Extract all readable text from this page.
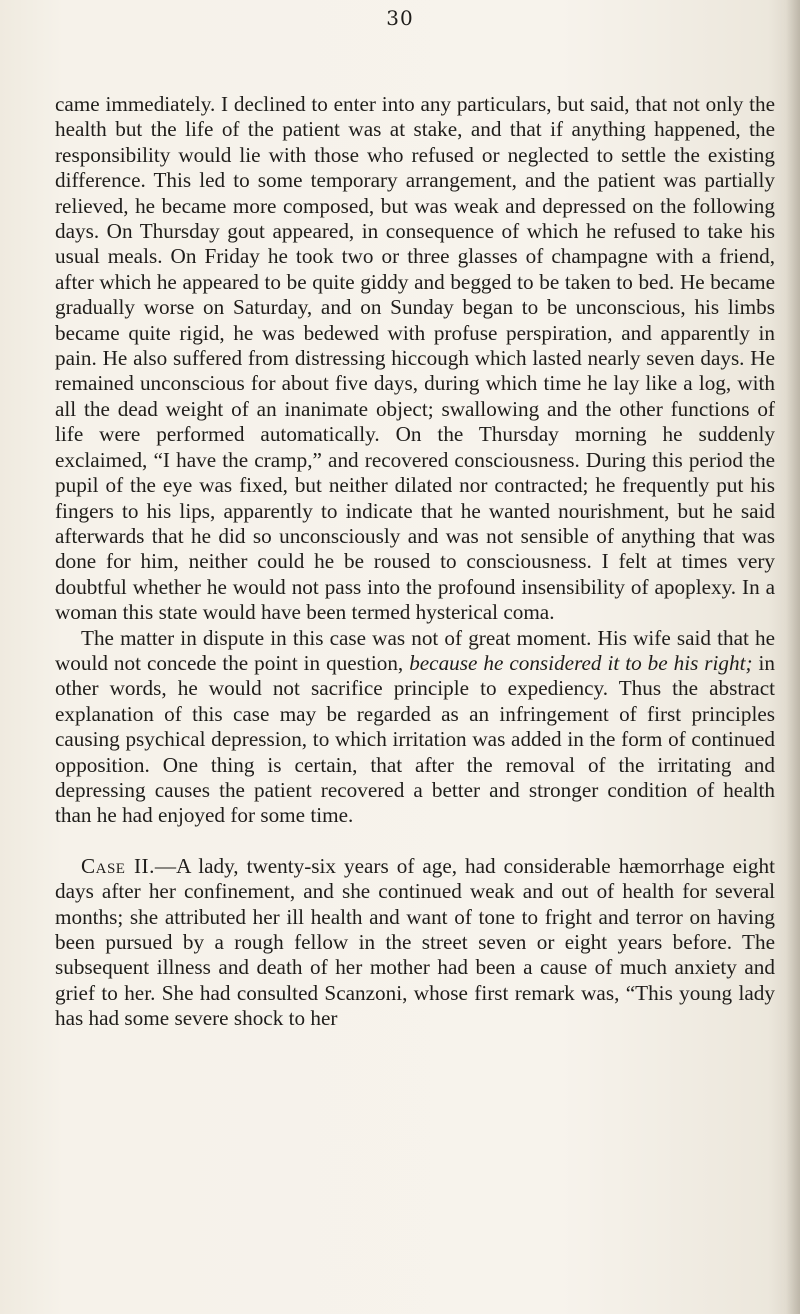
30

came immediately. I declined to enter into any particulars, but said, that not only the health but the life of the patient was at stake, and that if anything happened, the responsibility would lie with those who refused or neglected to settle the existing difference. This led to some temporary arrangement, and the patient was partially relieved, he became more composed, but was weak and depressed on the following days. On Thursday gout appeared, in consequence of which he refused to take his usual meals. On Friday he took two or three glasses of champagne with a friend, after which he appeared to be quite giddy and begged to be taken to bed. He became gradually worse on Saturday, and on Sunday began to be unconscious, his limbs became quite rigid, he was bedewed with profuse perspiration, and apparently in pain. He also suffered from distressing hiccough which lasted nearly seven days. He remained unconscious for about five days, during which time he lay like a log, with all the dead weight of an inanimate object; swallowing and the other functions of life were performed automatically. On the Thursday morning he suddenly exclaimed, “I have the cramp,” and recovered consciousness. During this period the pupil of the eye was fixed, but neither dilated nor contracted; he frequently put his fingers to his lips, apparently to indicate that he wanted nourishment, but he said afterwards that he did so unconsciously and was not sensible of anything that was done for him, neither could he be roused to consciousness. I felt at times very doubtful whether he would not pass into the profound insensibility of apoplexy. In a woman this state would have been termed hysterical coma.

The matter in dispute in this case was not of great moment. His wife said that he would not concede the point in question, because he considered it to be his right; in other words, he would not sacrifice principle to expediency. Thus the abstract explanation of this case may be regarded as an infringement of first principles causing psychical depression, to which irritation was added in the form of continued opposition. One thing is certain, that after the removal of the irritating and depressing causes the patient recovered a better and stronger condition of health than he had enjoyed for some time.

Case II.—A lady, twenty-six years of age, had considerable hæmorrhage eight days after her confinement, and she continued weak and out of health for several months; she attributed her ill health and want of tone to fright and terror on having been pursued by a rough fellow in the street seven or eight years before. The subsequent illness and death of her mother had been a cause of much anxiety and grief to her. She had consulted Scanzoni, whose first remark was, “This young lady has had some severe shock to her
